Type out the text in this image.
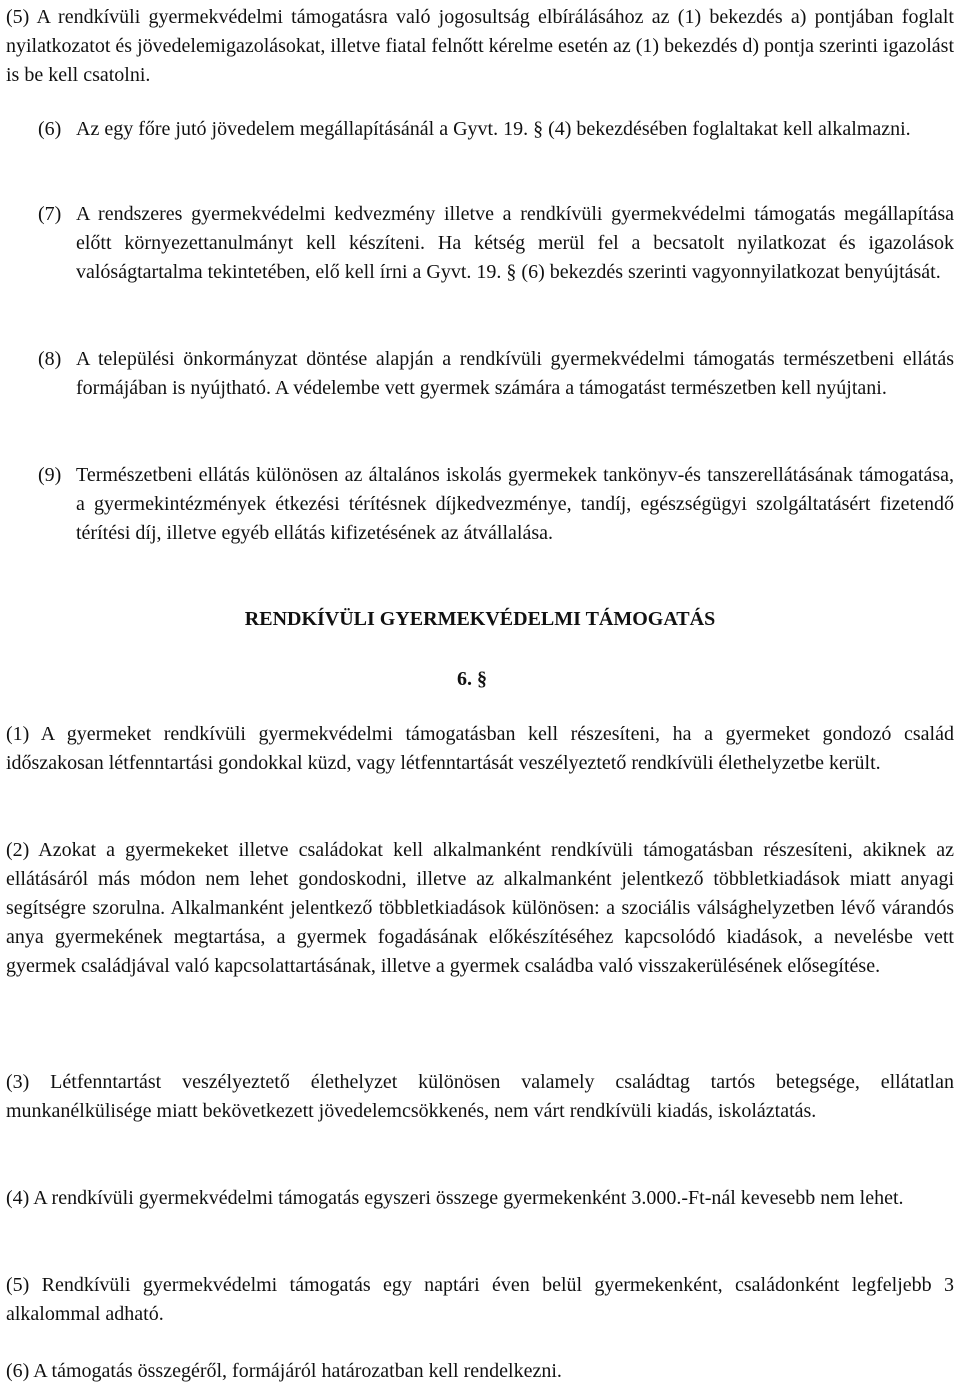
(5) A rendkívüli gyermekvédelmi támogatásra való jogosultság elbírálásához az (1) bekezdés a) pontjában foglalt nyilatkozatot és jövedelemigazolásokat, illetve fiatal felnőtt kérelme esetén az (1) bekezdés d) pontja szerinti igazolást is be kell csatolni.

(6) Az egy főre jutó jövedelem megállapításánál a Gyvt. 19. § (4) bekezdésében foglaltakat kell alkalmazni.
(7) A rendszeres gyermekvédelmi kedvezmény illetve a rendkívüli gyermekvédelmi támogatás megállapítása előtt környezettanulmányt kell készíteni. Ha kétség merül fel a becsatolt nyilatkozat és igazolások valóságtartalma tekintetében, elő kell írni a Gyvt. 19. § (6) bekezdés szerinti vagyonnyilatkozat benyújtását.
(8) A települési önkormányzat döntése alapján a rendkívüli gyermekvédelmi támogatás természetbeni ellátás formájában is nyújtható. A védelembe vett gyermek számára a támogatást természetben kell nyújtani.
(9) Természetbeni ellátás különösen az általános iskolás gyermekek tankönyv-és tanszerellátásának támogatása, a gyermekintézmények étkezési térítésnek díjkedvezménye, tandíj, egészségügyi szolgáltatásért fizetendő térítési díj, illetve egyéb ellátás kifizetésének az átvállalása.
RENDKÍVÜLI GYERMEKVÉDELMI TÁMOGATÁS
6. §

(1) A gyermeket rendkívüli gyermekvédelmi támogatásban kell részesíteni, ha a gyermeket gondozó család időszakosan létfenntartási gondokkal küzd, vagy létfenntartását veszélyeztető rendkívüli élethelyzetbe került.

(2) Azokat a gyermekeket illetve családokat kell alkalmanként rendkívüli támogatásban részesíteni, akiknek az ellátásáról más módon nem lehet gondoskodni, illetve az alkalmanként jelentkező többletkiadások miatt anyagi segítségre szorulna. Alkalmanként jelentkező többletkiadások különösen: a szociális válsághelyzetben lévő várandós anya gyermekének megtartása, a gyermek fogadásának előkészítéséhez kapcsolódó kiadások, a nevelésbe vett gyermek családjával való kapcsolattartásának, illetve a gyermek családba való visszakerülésének elősegítése.

(3) Létfenntartást veszélyeztető élethelyzet különösen valamely családtag tartós betegsége, ellátatlan munkanélkülisége miatt bekövetkezett jövedelemcsökkenés, nem várt rendkívüli kiadás, iskoláztatás.

(4) A rendkívüli gyermekvédelmi támogatás egyszeri összege gyermekenként 3.000.-Ft-nál kevesebb nem lehet.

(5) Rendkívüli gyermekvédelmi támogatás egy naptári éven belül gyermekenként, családonként legfeljebb 3 alkalommal adható.

(6) A támogatás összegéről, formájáról határozatban kell rendelkezni.
